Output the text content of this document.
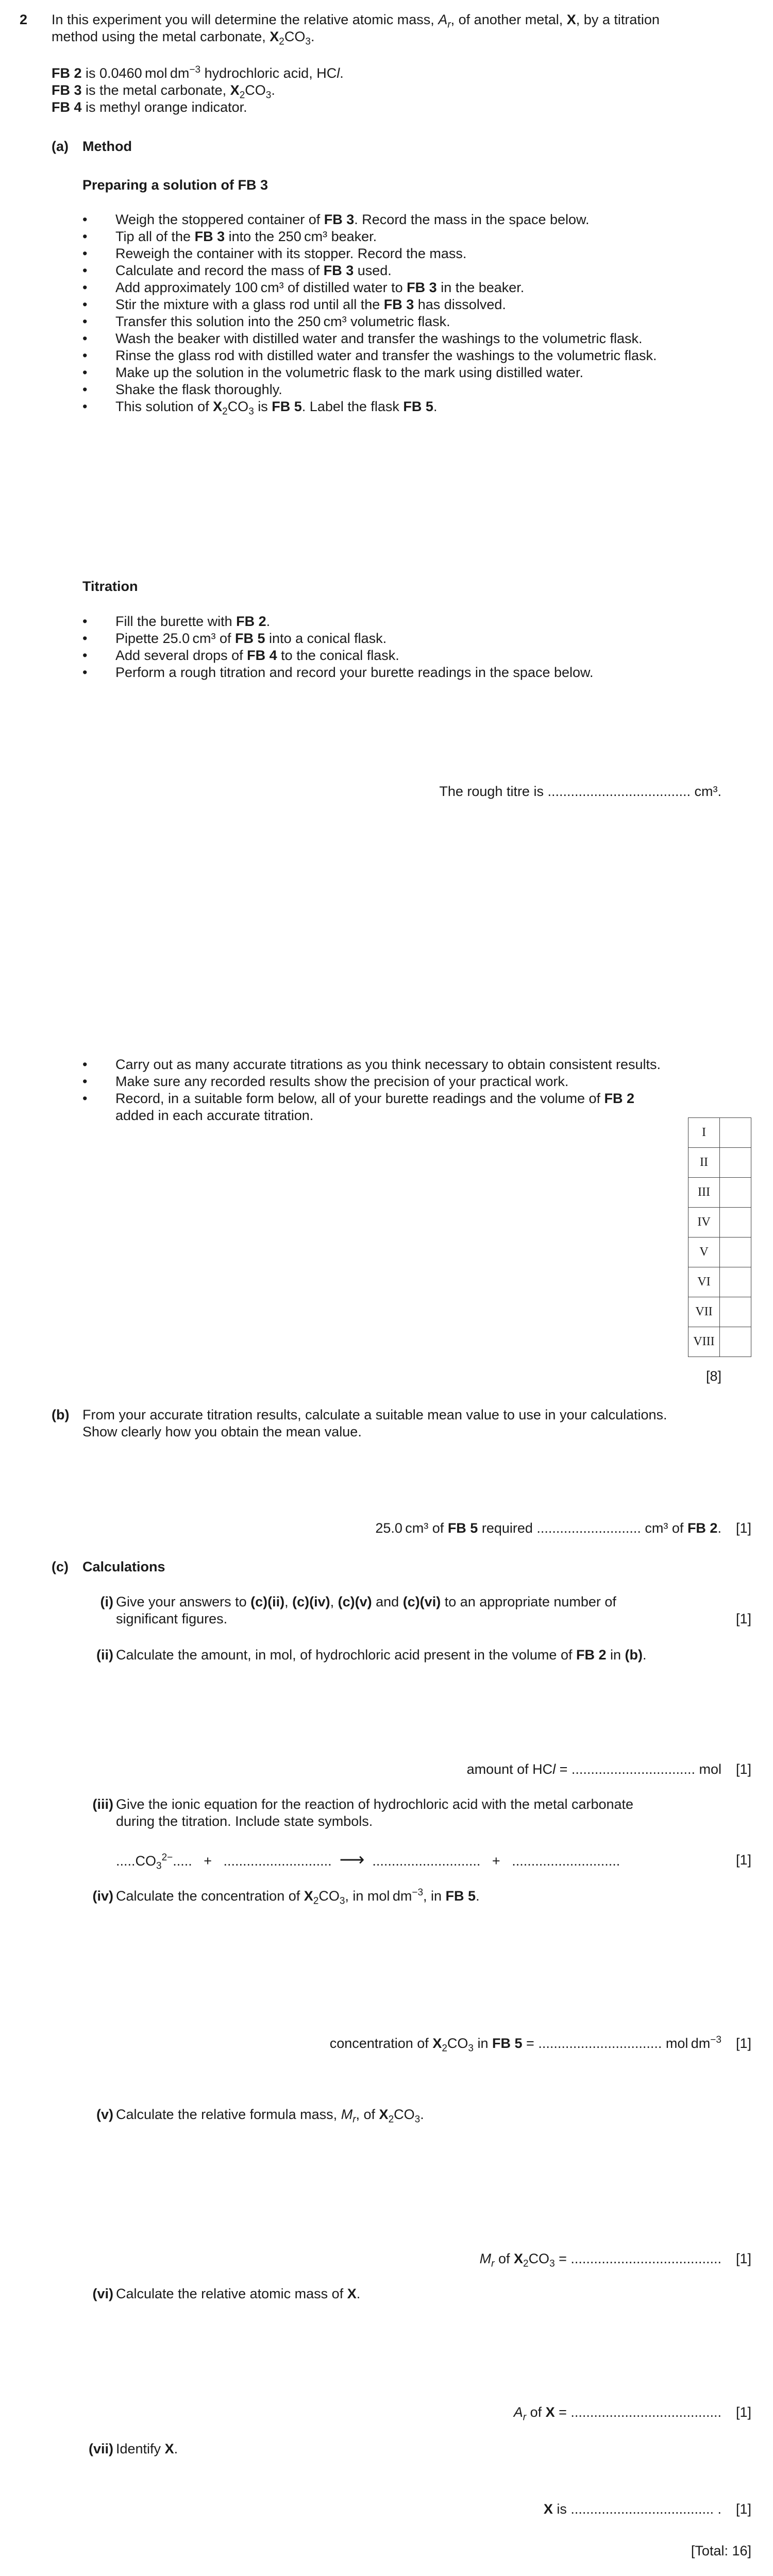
2 In this experiment you will determine the relative atomic mass, $A_r$, of another metal, X, by a titration
method using the metal carbonate, $X_2CO_3$.
FB 2 is 0.0460 mol $dm^{-3}$ hydrochloric acid, HCl.
FB 3 is the metal carbonate, $X_2CO_3$.
FB 4 is methyl orange indicator.
(a) Method
Preparing a solution of FB 3
• Weigh the stoppered container of FB 3. Record the mass in the space below.
• Tip all of the FB 3 into the 250 cm³ beaker.
• Reweigh the container with its stopper. Record the mass.
• Calculate and record the mass of FB 3 used.
• Add approximately 100 cm³ of distilled water to FB 3 in the beaker.
• Stir the mixture with a glass rod until all the FB 3 has dissolved.
• Transfer this solution into the 250 cm³ volumetric flask.
• Wash the beaker with distilled water and transfer the washings to the volumetric flask.
• Rinse the glass rod with distilled water and transfer the washings to the volumetric flask.
• Make up the solution in the volumetric flask to the mark using distilled water.
• Shake the flask thoroughly.
• This solution of $X_2CO_3$ is FB 5. Label the flask FB 5.
Titration
• Fill the burette with FB 2.
• Pipette 25.0 cm³ of FB 5 into a conical flask.
• Add several drops of FB 4 to the conical flask.
• Perform a rough titration and record your burette readings in the space below.
The rough titre is ..................................... cm³.
• Carry out as many accurate titrations as you think necessary to obtain consistent results.
• Make sure any recorded results show the precision of your practical work.
• Record, in a suitable form below, all of your burette readings and the volume of FB 2
added in each accurate titration.
I	
II	
III	
IV	
V	
VI	
VII	
VIII	
[8]
(b) From your accurate titration results, calculate a suitable mean value to use in your calculations.
Show clearly how you obtain the mean value.
25.0 cm³ of FB 5 required ........................... cm³ of FB 2. [1]
(c) Calculations
(i) Give your answers to (c)(ii), (c)(iv), (c)(v) and (c)(vi) to an appropriate number of
significant figures.	[1]
(ii) Calculate the amount, in mol, of hydrochloric acid present in the volume of FB 2 in (b).
amount of HCl = ................................ mol [1]
(iii) Give the ionic equation for the reaction of hydrochloric acid with the metal carbonate
during the titration. Include state symbols.
$.....CO_3^{2-}$.....   +   ............................ ⟶ ............................   +   ............................	[1]
(iv) Calculate the concentration of $X_2CO_3$, in mol $dm^{-3}$, in FB 5.
concentration of $X_2CO_3$ in FB 5 = ................................ mol $dm^{-3}$ [1]
(v) Calculate the relative formula mass, $M_r$, of $X_2CO_3$.
$M_r$ of $X_2CO_3$ = ....................................... [1]
(vi) Calculate the relative atomic mass of X.
$A_r$ of X = ....................................... [1]
(vii) Identify X.
X is ..................................... . [1]
[Total: 16]
